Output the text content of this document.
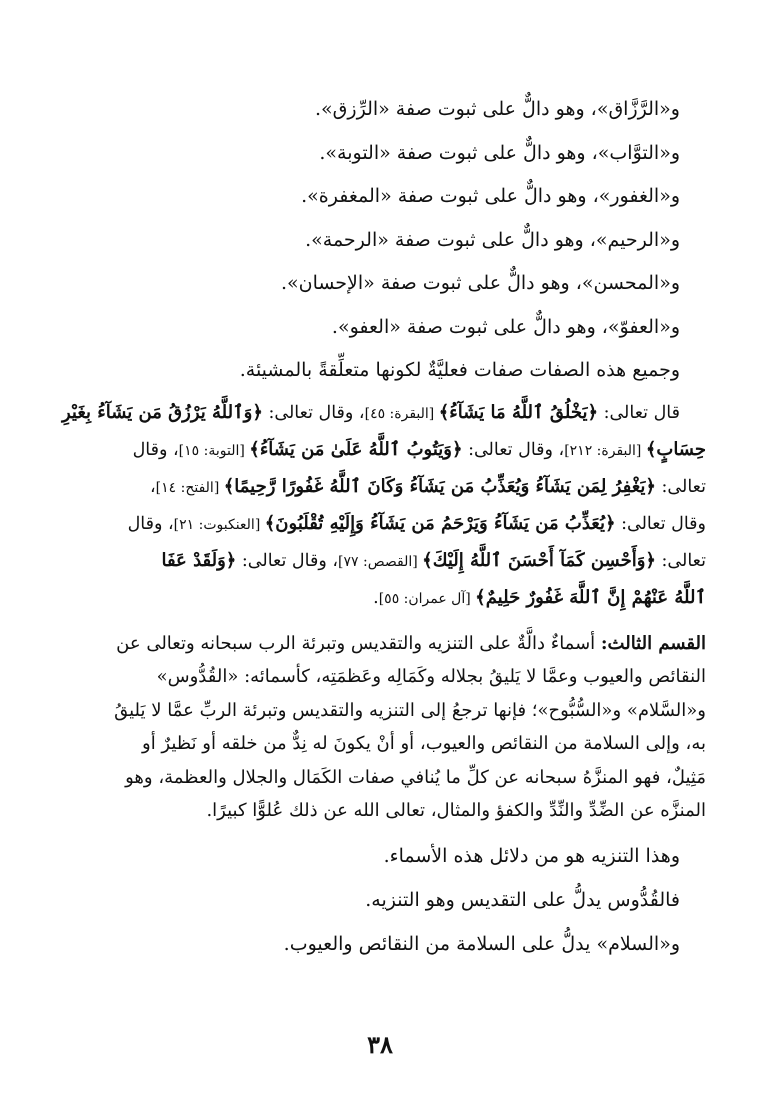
و«الرَّزَّاق»، وهو دالٌّ على ثبوت صفة «الرِّزق».

و«التوَّاب»، وهو دالٌّ على ثبوت صفة «التوبة».

و«الغفور»، وهو دالٌّ على ثبوت صفة «المغفرة».

و«الرحيم»، وهو دالٌّ على ثبوت صفة «الرحمة».

و«المحسن»، وهو دالٌّ على ثبوت صفة «الإحسان».

و«العفوّ»، وهو دالٌّ على ثبوت صفة «العفو».

وجميع هذه الصفات صفات فعليَّةٌ لكونها متعلِّقةً بالمشيئة.

قال تعالى: ﴿يَخْلُقُ ٱللَّهُ مَا يَشَآءُ﴾ [البقرة: ٤٥]، وقال تعالى: ﴿وَٱللَّهُ يَرْزُقُ مَن يَشَآءُ بِغَيْرِ
حِسَابٍ﴾ [البقرة: ٢١٢]، وقال تعالى: ﴿وَيَتُوبُ ٱللَّهُ عَلَىٰ مَن يَشَآءُ﴾ [التوبة: ١٥]، وقال
تعالى: ﴿يَغْفِرُ لِمَن يَشَآءُ وَيُعَذِّبُ مَن يَشَآءُ وَكَانَ ٱللَّهُ غَفُورًا رَّحِيمًا﴾ [الفتح: ١٤]،
وقال تعالى: ﴿يُعَذِّبُ مَن يَشَآءُ وَيَرْحَمُ مَن يَشَآءُ وَإِلَيْهِ تُقْلَبُونَ﴾ [العنكبوت: ٢١]، وقال
تعالى: ﴿وَأَحْسِن كَمَآ أَحْسَنَ ٱللَّهُ إِلَيْكَ﴾ [القصص: ٧٧]، وقال تعالى: ﴿وَلَقَدْ عَفَا
ٱللَّهُ عَنْهُمْ إِنَّ ٱللَّهَ غَفُورٌ حَلِيمٌ﴾ [آل عمران: ٥٥].
القسم الثالث: أسماءٌ دالَّةٌ على التنزيه والتقديس وتبرئة الرب سبحانه وتعالى عن
النقائص والعيوب وعمَّا لا يَليقُ بجلاله وكَمَالِه وعَظمَتِه، كأسمائه: «القُدُّوس»
و«السَّلام» و«السُّبُّوح»؛ فإنها ترجعُ إلى التنزيه والتقديس وتبرئة الربِّ عمَّا لا يَليقُ
به، وإلى السلامة من النقائص والعيوب، أو أنْ يكونَ له نِدٌّ من خلقه أو نَظيرٌ أو
مَثِيلٌ، فهو المنزَّهُ سبحانه عن كلِّ ما يُنافي صفات الكَمَال والجلال والعظمة، وهو
المنزَّه عن الضِّدِّ والنِّدِّ والكفؤ والمثال، تعالى الله عن ذلك عُلوًّا كبيرًا.

وهذا التنزيه هو من دلائل هذه الأسماء.

فالقُدُّوس يدلُّ على التقديس وهو التنزيه.

و«السلام» يدلُّ على السلامة من النقائص والعيوب.

٣٨
